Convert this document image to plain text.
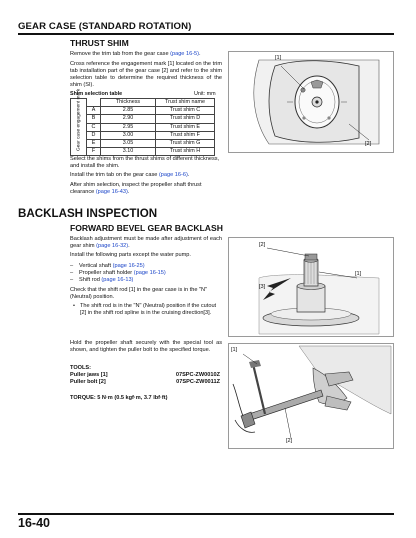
GEAR CASE (STANDARD ROTATION)
THRUST SHIM
Remove the trim tab from the gear case (page 16-5).
Cross reference the engagement mark [1] located on the trim tab installation part of the gear case [2] and refer to the shim selection table to determine the required thickness of the shim (SI).
Shim selection table	Unit: mm
Gear case engagement mark		Thickness	Trust shim name
	A	2.85	Trust shim C
	B	2.90	Trust shim D
	C	2.95	Trust shim E
	D	3.00	Trust shim F
	E	3.05	Trust shim G
	F	3.10	Trust shim H
Select the shims from the thrust shims of different thickness, and install the shim.
Install the trim tab on the gear case (page 16-6).
After shim selection, inspect the propeller shaft thrust clearance (page 16-43).
[1]
[2]
BACKLASH INSPECTION
FORWARD BEVEL GEAR BACKLASH
Backlash adjustment must be made after adjustment of each gear shim (page 16-32).
Install the following parts except the water pump.
– Vertical shaft (page 16-25)
– Propeller shaft holder (page 16-15)
– Shift rod (page 16-13)
Check that the shift rod [1] in the gear case is in the "N" (Neutral) position.
• The shift rod is in the "N" (Neutral) position if the cutout [2] in the shift rod spline is in the cruising direction[3].
[2]
[1]
[3]
Hold the propeller shaft securely with the special tool as shown, and tighten the puller bolt to the specified torque.
TOOLS:
Puller jaws [1]	07SPC-ZW0010Z
Puller bolt [2]	07SPC-ZW0011Z
TORQUE: 5 N·m (0.5 kgf·m, 3.7 lbf·ft)
[1]
[2]
16-40
